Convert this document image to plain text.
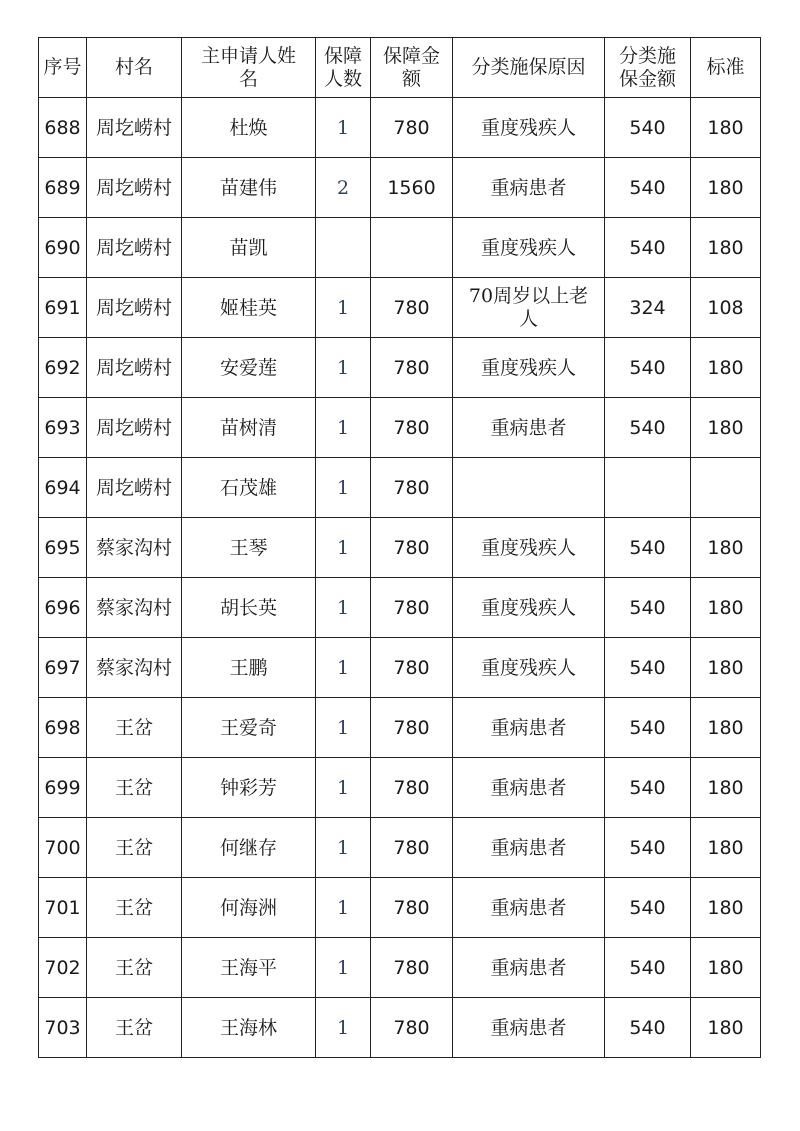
序号	村名	主申请人姓名	保障人数	保障金额	分类施保原因	分类施保金额	标准
688	周圪崂村	杜焕	1	780	重度残疾人	540	180
689	周圪崂村	苗建伟	2	1560	重病患者	540	180
690	周圪崂村	苗凯			重度残疾人	540	180
691	周圪崂村	姬桂英	1	780	70周岁以上老人	324	108
692	周圪崂村	安爱莲	1	780	重度残疾人	540	180
693	周圪崂村	苗树清	1	780	重病患者	540	180
694	周圪崂村	石茂雄	1	780			
695	蔡家沟村	王琴	1	780	重度残疾人	540	180
696	蔡家沟村	胡长英	1	780	重度残疾人	540	180
697	蔡家沟村	王鹏	1	780	重度残疾人	540	180
698	王岔	王爱奇	1	780	重病患者	540	180
699	王岔	钟彩芳	1	780	重病患者	540	180
700	王岔	何继存	1	780	重病患者	540	180
701	王岔	何海洲	1	780	重病患者	540	180
702	王岔	王海平	1	780	重病患者	540	180
703	王岔	王海林	1	780	重病患者	540	180
